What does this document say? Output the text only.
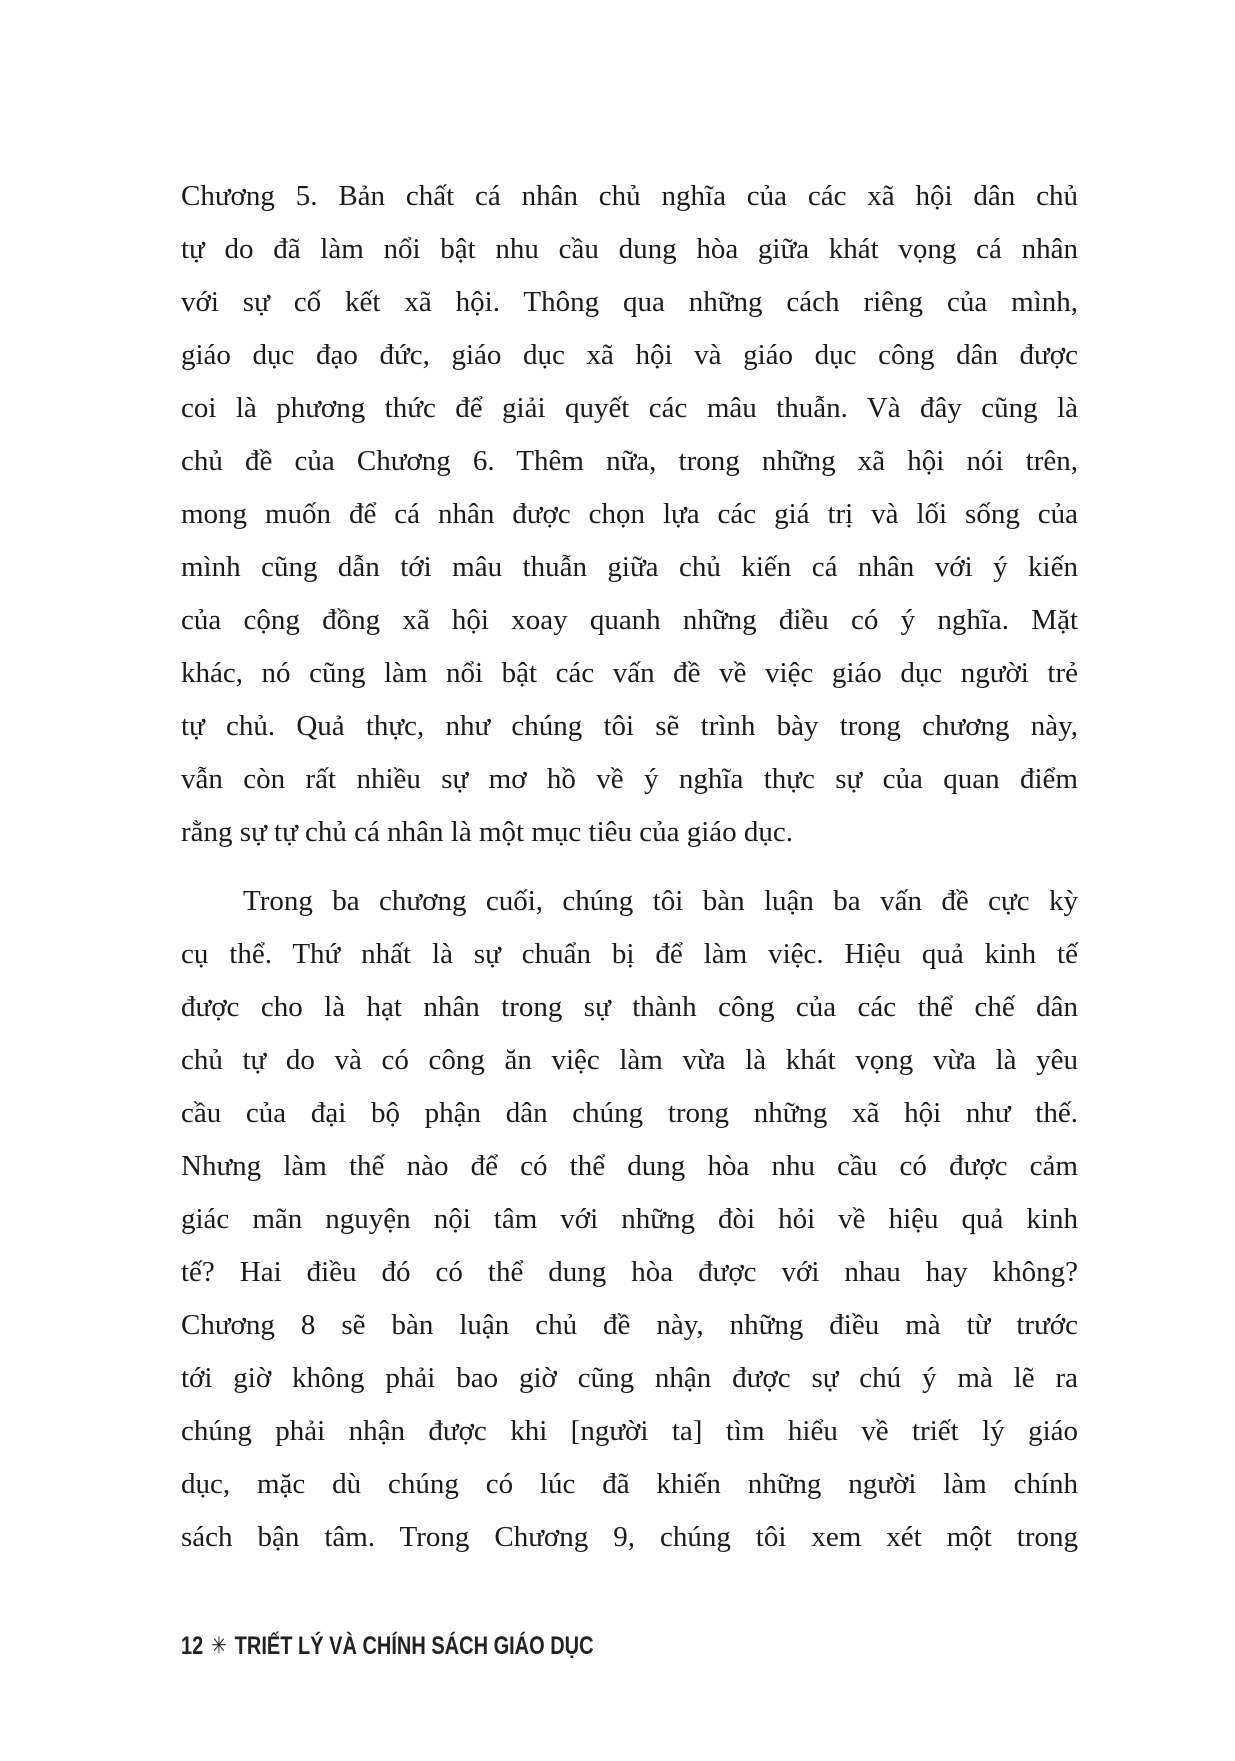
Chương 5. Bản chất cá nhân chủ nghĩa của các xã hội dân chủ
tự do đã làm nổi bật nhu cầu dung hòa giữa khát vọng cá nhân
với sự cố kết xã hội. Thông qua những cách riêng của mình,
giáo dục đạo đức, giáo dục xã hội và giáo dục công dân được
coi là phương thức để giải quyết các mâu thuẫn. Và đây cũng là
chủ đề của Chương 6. Thêm nữa, trong những xã hội nói trên,
mong muốn để cá nhân được chọn lựa các giá trị và lối sống của
mình cũng dẫn tới mâu thuẫn giữa chủ kiến cá nhân với ý kiến
của cộng đồng xã hội xoay quanh những điều có ý nghĩa. Mặt
khác, nó cũng làm nổi bật các vấn đề về việc giáo dục người trẻ
tự chủ. Quả thực, như chúng tôi sẽ trình bày trong chương này,
vẫn còn rất nhiều sự mơ hồ về ý nghĩa thực sự của quan điểm
rằng sự tự chủ cá nhân là một mục tiêu của giáo dục.
Trong ba chương cuối, chúng tôi bàn luận ba vấn đề cực kỳ
cụ thể. Thứ nhất là sự chuẩn bị để làm việc. Hiệu quả kinh tế
được cho là hạt nhân trong sự thành công của các thể chế dân
chủ tự do và có công ăn việc làm vừa là khát vọng vừa là yêu
cầu của đại bộ phận dân chúng trong những xã hội như thế.
Nhưng làm thế nào để có thể dung hòa nhu cầu có được cảm
giác mãn nguyện nội tâm với những đòi hỏi về hiệu quả kinh
tế? Hai điều đó có thể dung hòa được với nhau hay không?
Chương 8 sẽ bàn luận chủ đề này, những điều mà từ trước
tới giờ không phải bao giờ cũng nhận được sự chú ý mà lẽ ra
chúng phải nhận được khi [người ta] tìm hiểu về triết lý giáo
dục, mặc dù chúng có lúc đã khiến những người làm chính
sách bận tâm. Trong Chương 9, chúng tôi xem xét một trong
12 ✳ TRIẾT LÝ VÀ CHÍNH SÁCH GIÁO DỤC
